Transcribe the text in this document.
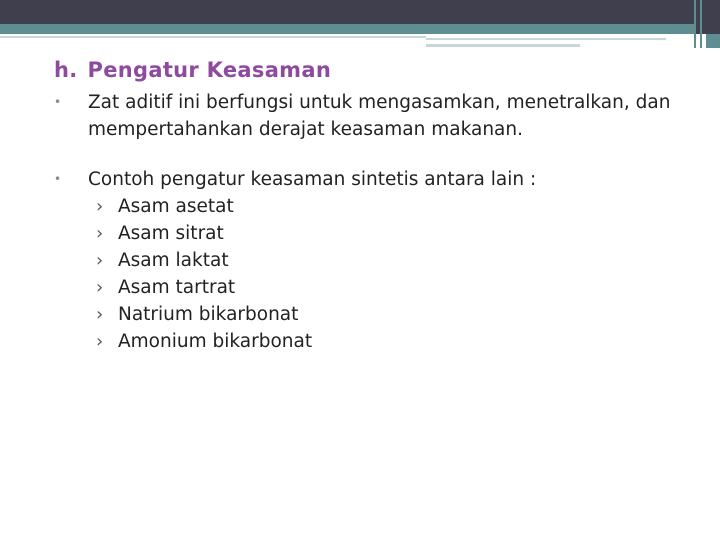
h. Pengatur Keasaman
• Zat aditif ini berfungsi untuk mengasamkan, menetralkan, dan mempertahankan derajat keasaman makanan.
• Contoh pengatur keasaman sintetis antara lain :
› Asam asetat
› Asam sitrat
› Asam laktat
› Asam tartrat
› Natrium bikarbonat
› Amonium bikarbonat
